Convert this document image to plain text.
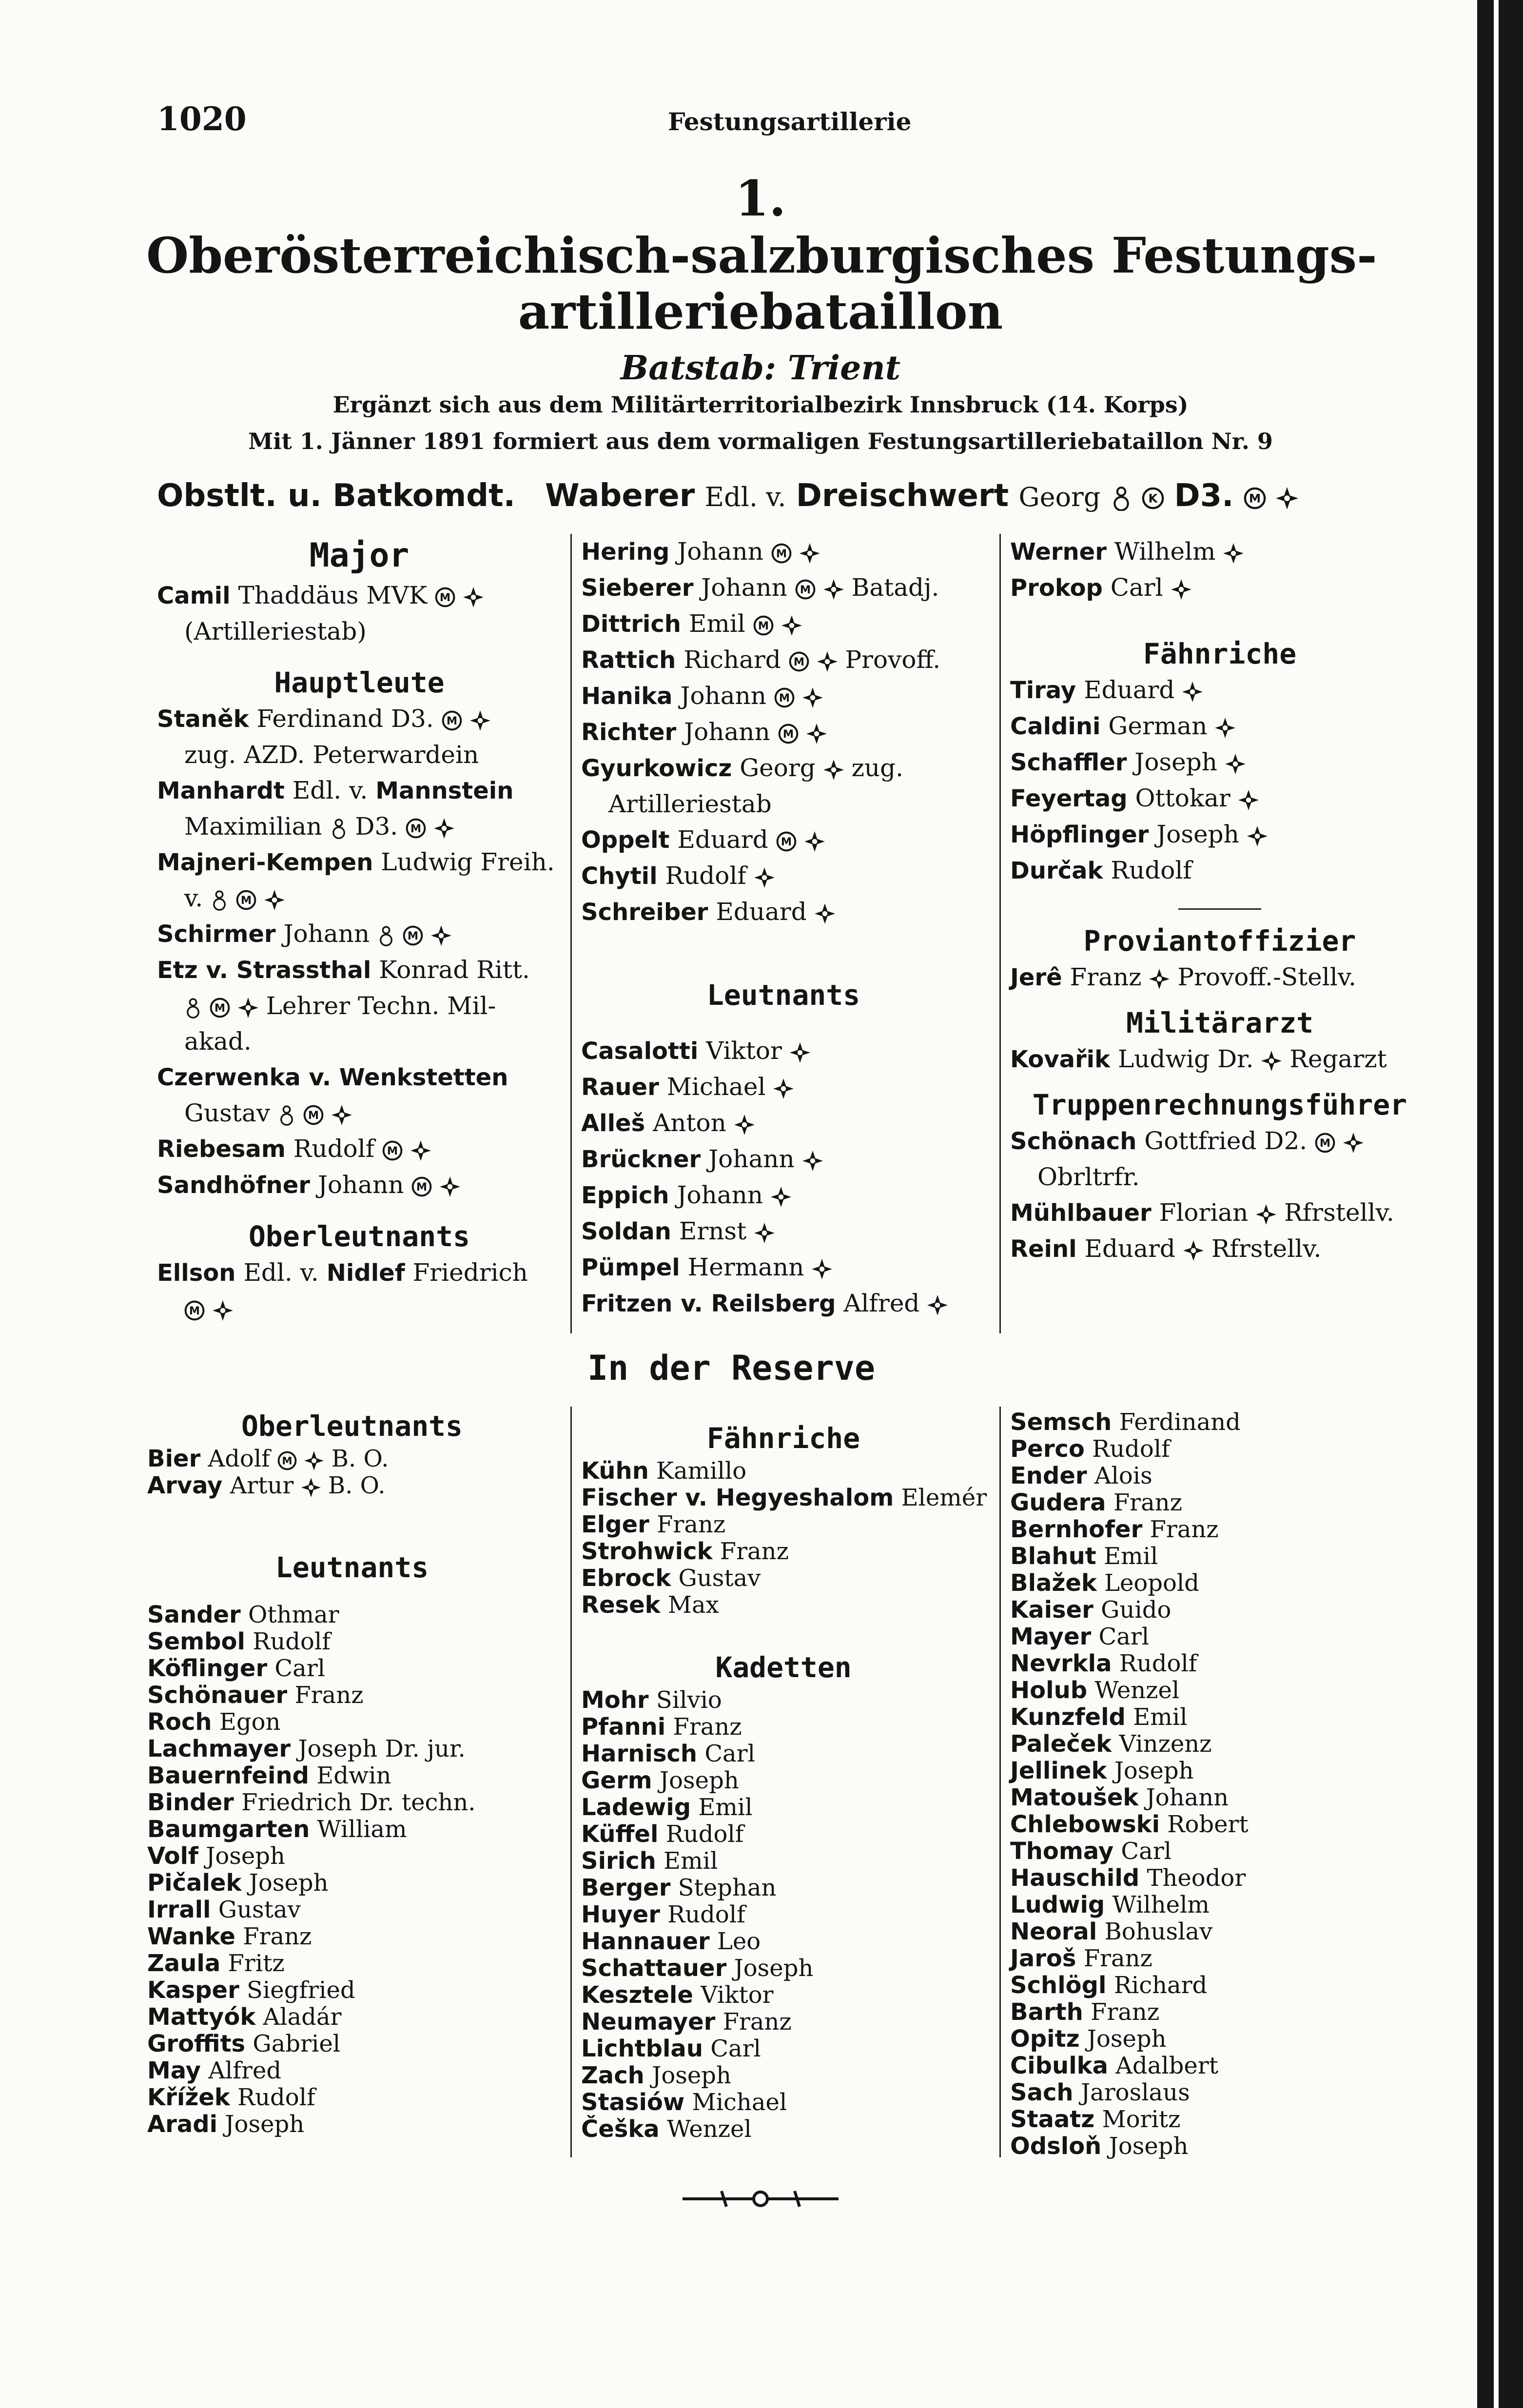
1020	Festungsartillerie
1.
Oberösterreichisch-salzburgisches Festungs-
artilleriebataillon
Batstab: Trient
Ergänzt sich aus dem Militärterritorialbezirk Innsbruck (14. Korps)
Mit 1. Jänner 1891 formiert aus dem vormaligen Festungsartilleriebataillon Nr. 9
Obstlt. u. Batkomdt. Waberer Edl. v. Dreischwert Georg
D3.

Major
Camil Thaddäus MVK

(Artilleriestab)
Hauptleute
Staněk Ferdinand D3.

zug. AZD. Peterwardein
Manhardt Edl. v. Mannstein
Maximilian D3.

Majneri-Kempen Ludwig Freih.
v.

Schirmer Johann

Etz v. Strassthal Konrad Ritt.

Lehrer Techn. Mil-
akad.
Czerwenka v. Wenkstetten
Gustav

Riebesam Rudolf

Sandhöfner Johann

Oberleutnants
Ellson Edl. v. Nidlef Friedrich

Hering Johann

Sieberer Johann
	Batadj.
Dittrich Emil

Rattich Richard
	Provoff.
Hanika Johann

Richter Johann

Gyurkowicz Georg zug.
Artilleriestab
Oppelt Eduard

Chytil Rudolf
Schreiber Eduard
Leutnants
Casalotti Viktor
Rauer Michael
Alleš Anton
Brückner Johann
Eppich Johann
Soldan Ernst
Pümpel Hermann
Fritzen v. Reilsberg Alfred
Werner Wilhelm
Prokop Carl
Fähnriche
Tiray Eduard
Caldini German
Schaffler Joseph
Feyertag Ottokar
Höpflinger Joseph
Durčak Rudolf
Proviantoffizier
Jerê Franz Provoff.-Stellv.
Militärarzt
Kovařik Ludwig Dr. Regarzt
Truppenrechnungsführer
Schönach Gottfried D2.

Obrltrfr.
Mühlbauer Florian Rfrstellv.
Reinl Eduard Rfrstellv.
In der Reserve
Oberleutnants
Bier Adolf
	B. O.
Arvay Artur B. O.
Leutnants
Sander Othmar
Sembol Rudolf
Köflinger Carl
Schönauer Franz
Roch Egon
Lachmayer Joseph Dr. jur.
Bauernfeind Edwin
Binder Friedrich Dr. techn.
Baumgarten William
Volf Joseph
Pičalek Joseph
Irrall Gustav
Wanke Franz
Zaula Fritz
Kasper Siegfried
Mattyók Aladár
Groffits Gabriel
May Alfred
Křížek Rudolf
Aradi Joseph
Fähnriche
Kühn Kamillo
Fischer v. Hegyeshalom Elemér
Elger Franz
Strohwick Franz
Ebrock Gustav
Resek Max
Kadetten
Mohr Silvio
Pfanni Franz
Harnisch Carl
Germ Joseph
Ladewig Emil
Küffel Rudolf
Sirich Emil
Berger Stephan
Huyer Rudolf
Hannauer Leo
Schattauer Joseph
Kesztele Viktor
Neumayer Franz
Lichtblau Carl
Zach Joseph
Stasiów Michael
Češka Wenzel
Semsch Ferdinand
Perco Rudolf
Ender Alois
Gudera Franz
Bernhofer Franz
Blahut Emil
Blažek Leopold
Kaiser Guido
Mayer Carl
Nevrkla Rudolf
Holub Wenzel
Kunzfeld Emil
Paleček Vinzenz
Jellinek Joseph
Matoušek Johann
Chlebowski Robert
Thomay Carl
Hauschild Theodor
Ludwig Wilhelm
Neoral Bohuslav
Jaroš Franz
Schlögl Richard
Barth Franz
Opitz Joseph
Cibulka Adalbert
Sach Jaroslaus
Staatz Moritz
Odsloň Joseph
